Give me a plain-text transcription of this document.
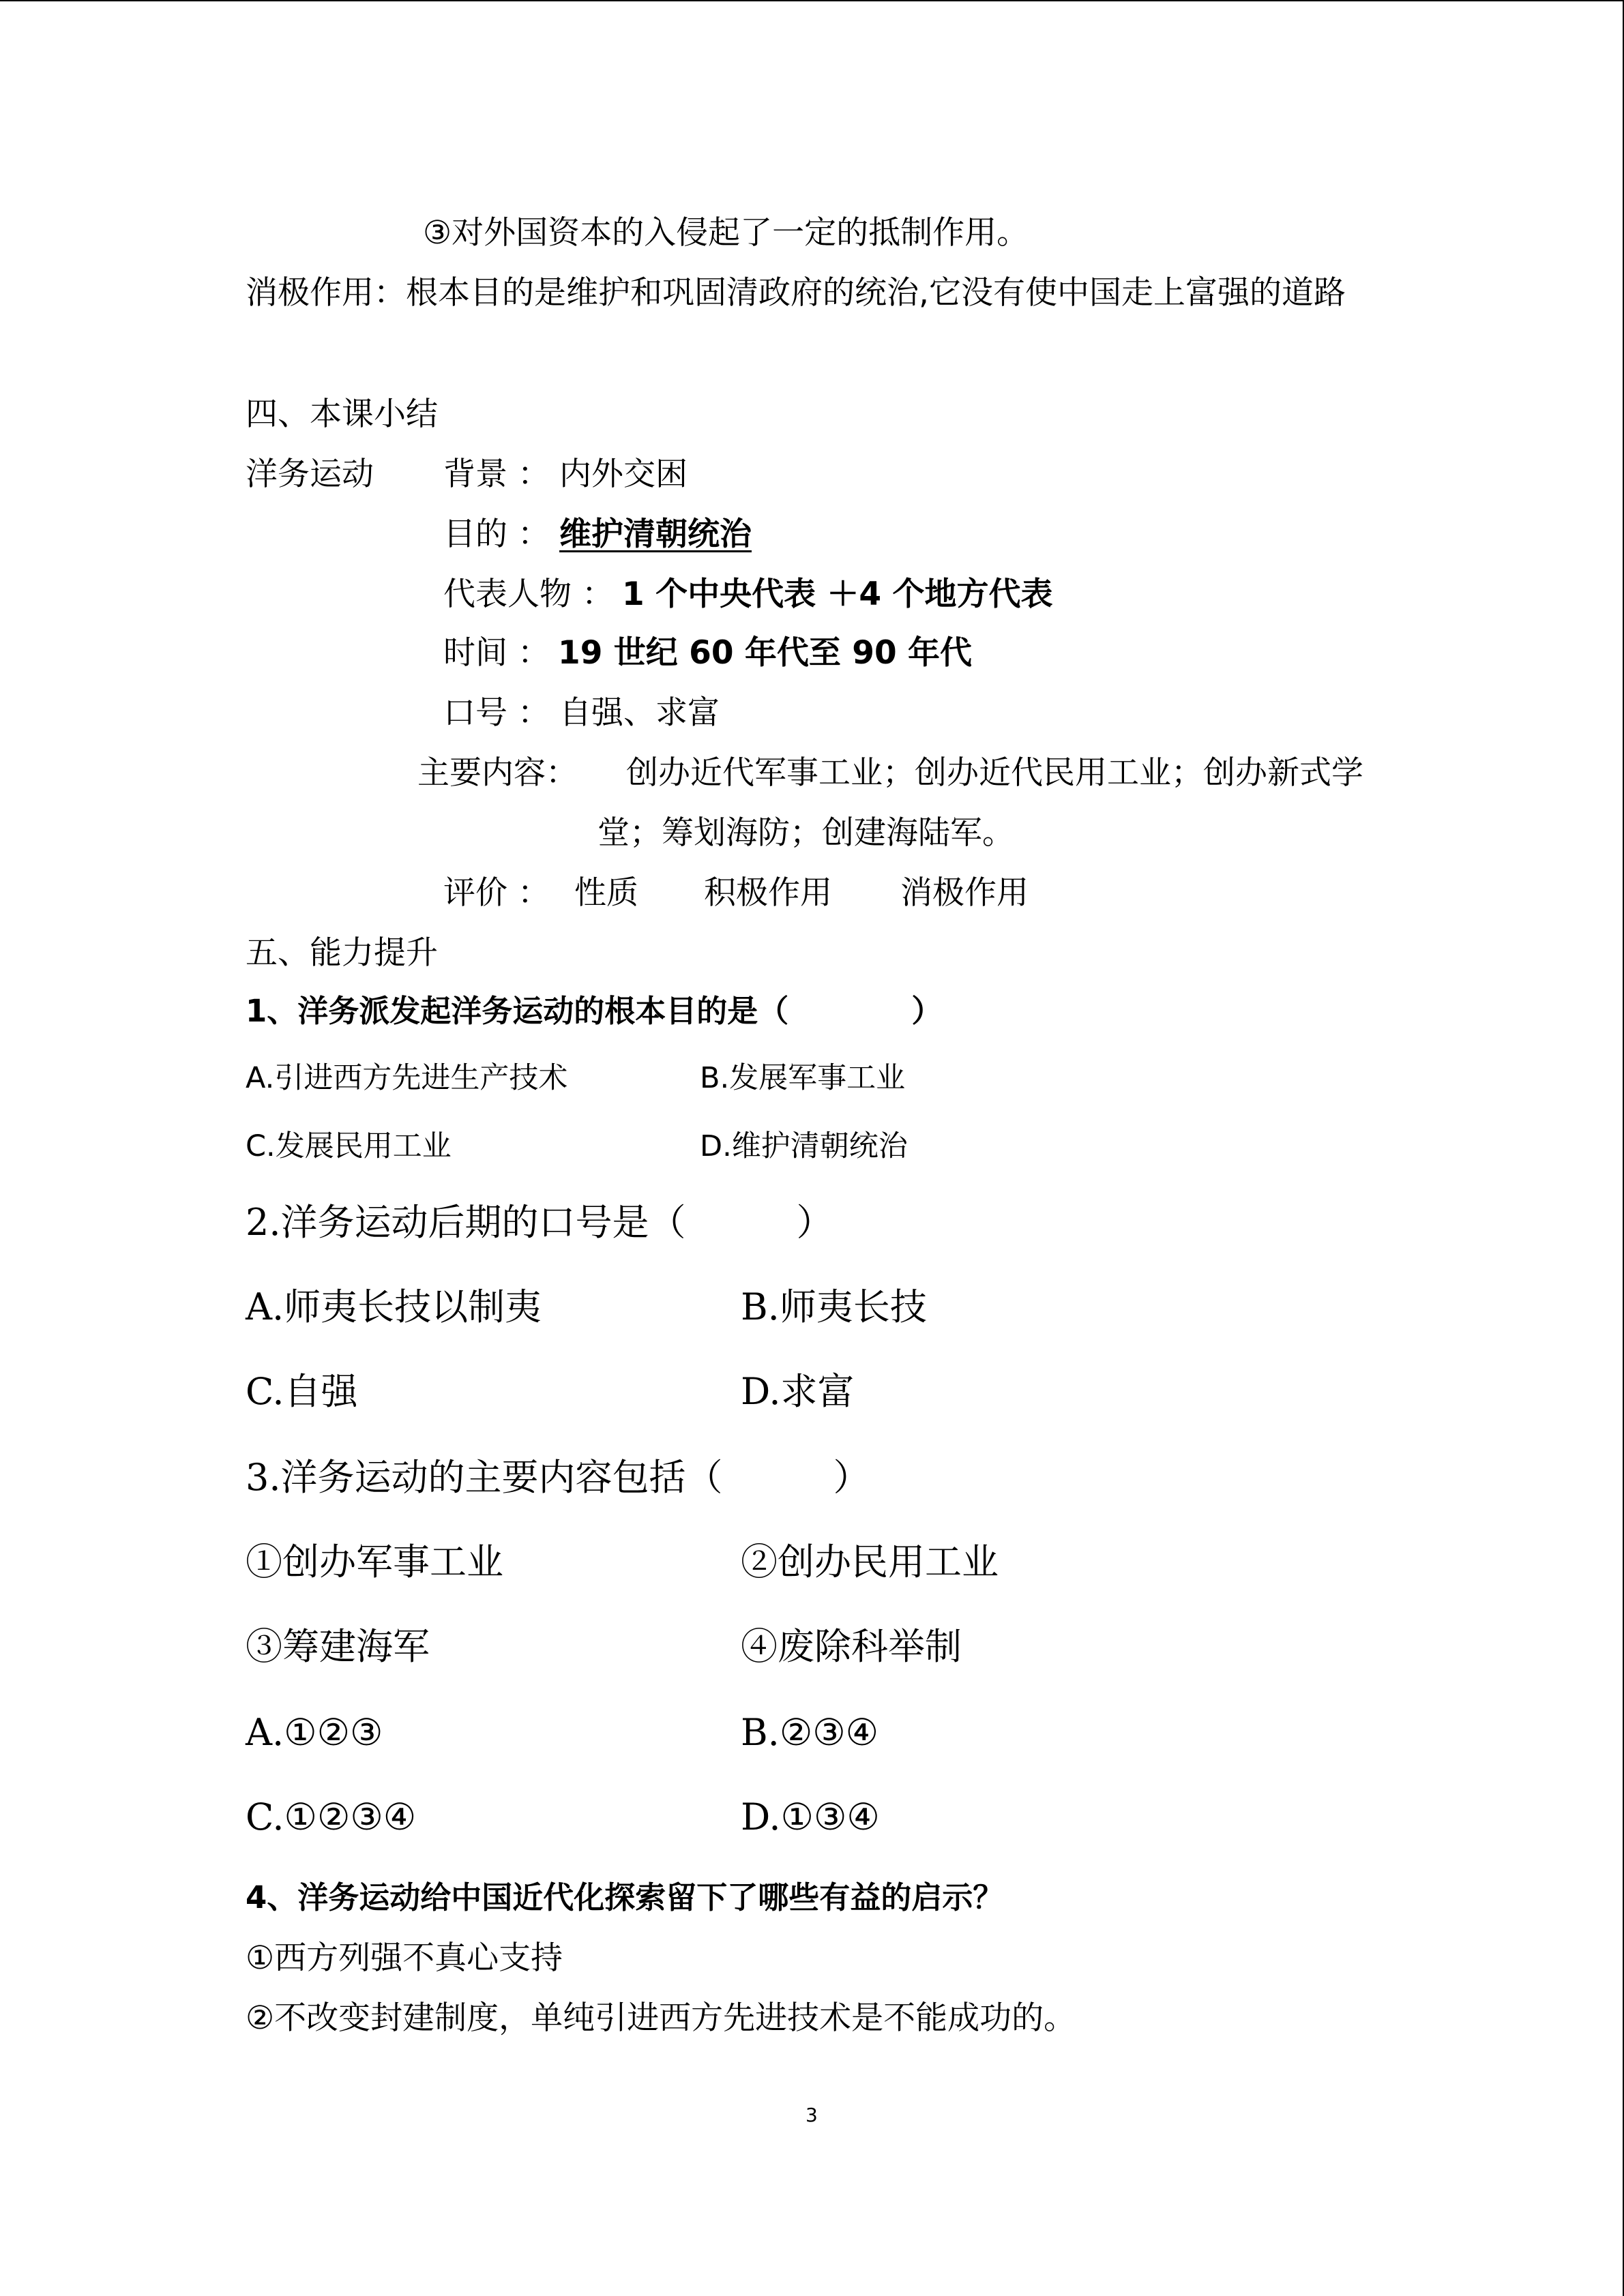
③对外国资本的入侵起了一定的抵制作用。
消极作用：根本目的是维护和巩固清政府的统治,它没有使中国走上富强的道路
四、本课小结
洋务运动 背景 ： 内外交困
目的 ： 维护清朝统治
代表人物 ： 1 个中央代表 ＋4 个地方代表
时间 ： 19 世纪 60 年代至 90 年代
口号 ： 自强、求富
主要内容： 创办近代军事工业；创办近代民用工业；创办新式学
堂；筹划海防；创建海陆军。
评价 ： 性质 积极作用 消极作用
五、能力提升
1、洋务派发起洋务运动的根本目的是（　　　　）
A.引进西方先进生产技术	B.发展军事工业
C.发展民用工业	D.维护清朝统治
2.洋务运动后期的口号是（　　　）
A.师夷长技以制夷	B.师夷长技
C.自强	D.求富
3.洋务运动的主要内容包括（　　　）
①创办军事工业	②创办民用工业
③筹建海军	④废除科举制
A.①②③	B.②③④
C.①②③④	D.①③④
4、洋务运动给中国近代化探索留下了哪些有益的启示？
①西方列强不真心支持
②不改变封建制度，单纯引进西方先进技术是不能成功的。
3
